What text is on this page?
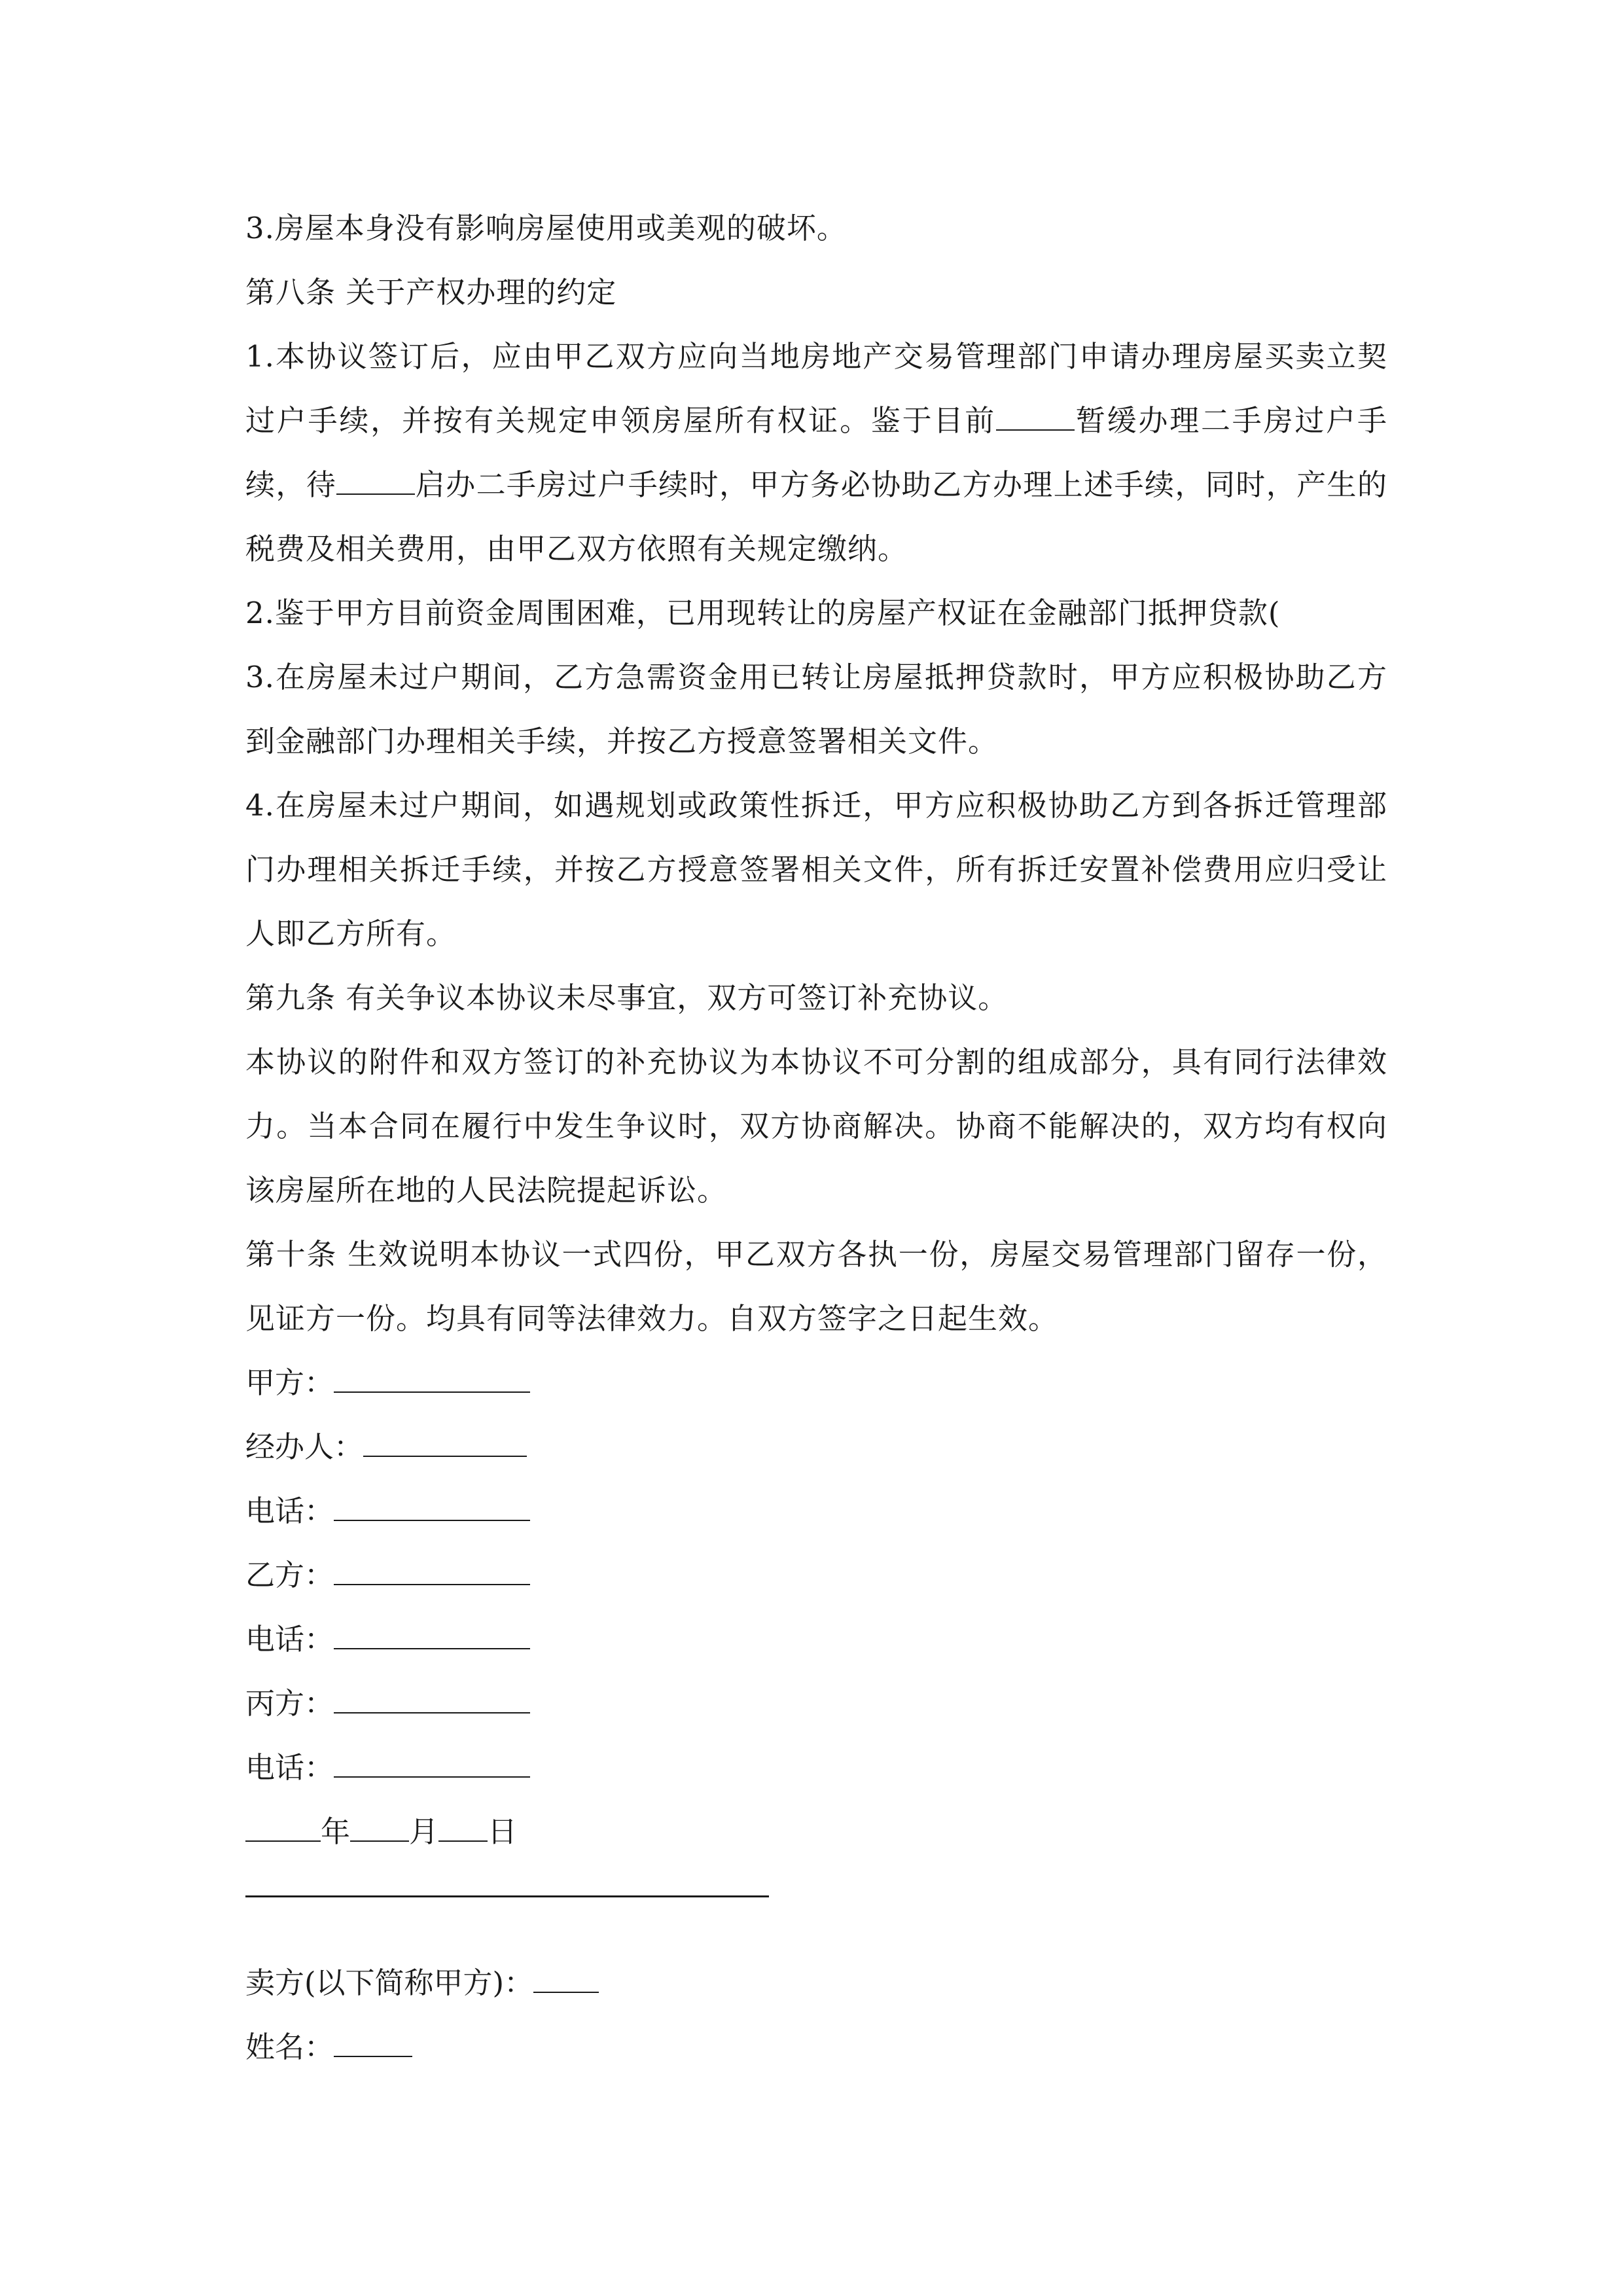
3.房屋本身没有影响房屋使用或美观的破坏。
第八条 关于产权办理的约定
1.本协议签订后，应由甲乙双方应向当地房地产交易管理部门申请办理房屋买卖立契过户手续，并按有关规定申领房屋所有权证。鉴于目前	暂缓办理二手房过户手续，待	启办二手房过户手续时，甲方务必协助乙方办理上述手续，同时，产生的税费及相关费用，由甲乙双方依照有关规定缴纳。
2.鉴于甲方目前资金周围困难，已用现转让的房屋产权证在金融部门抵押贷款(
3.在房屋未过户期间，乙方急需资金用已转让房屋抵押贷款时，甲方应积极协助乙方到金融部门办理相关手续，并按乙方授意签署相关文件。
4.在房屋未过户期间，如遇规划或政策性拆迁，甲方应积极协助乙方到各拆迁管理部门办理相关拆迁手续，并按乙方授意签署相关文件，所有拆迁安置补偿费用应归受让人即乙方所有。
第九条 有关争议本协议未尽事宜，双方可签订补充协议。
本协议的附件和双方签订的补充协议为本协议不可分割的组成部分，具有同行法律效力。当本合同在履行中发生争议时，双方协商解决。协商不能解决的，双方均有权向该房屋所在地的人民法院提起诉讼。
第十条 生效说明本协议一式四份，甲乙双方各执一份，房屋交易管理部门留存一份，见证方一份。均具有同等法律效力。自双方签字之日起生效。
甲方：
经办人：
电话：
乙方：
电话：
丙方：
电话：
年 月 日
卖方(以下简称甲方)：
姓名：
